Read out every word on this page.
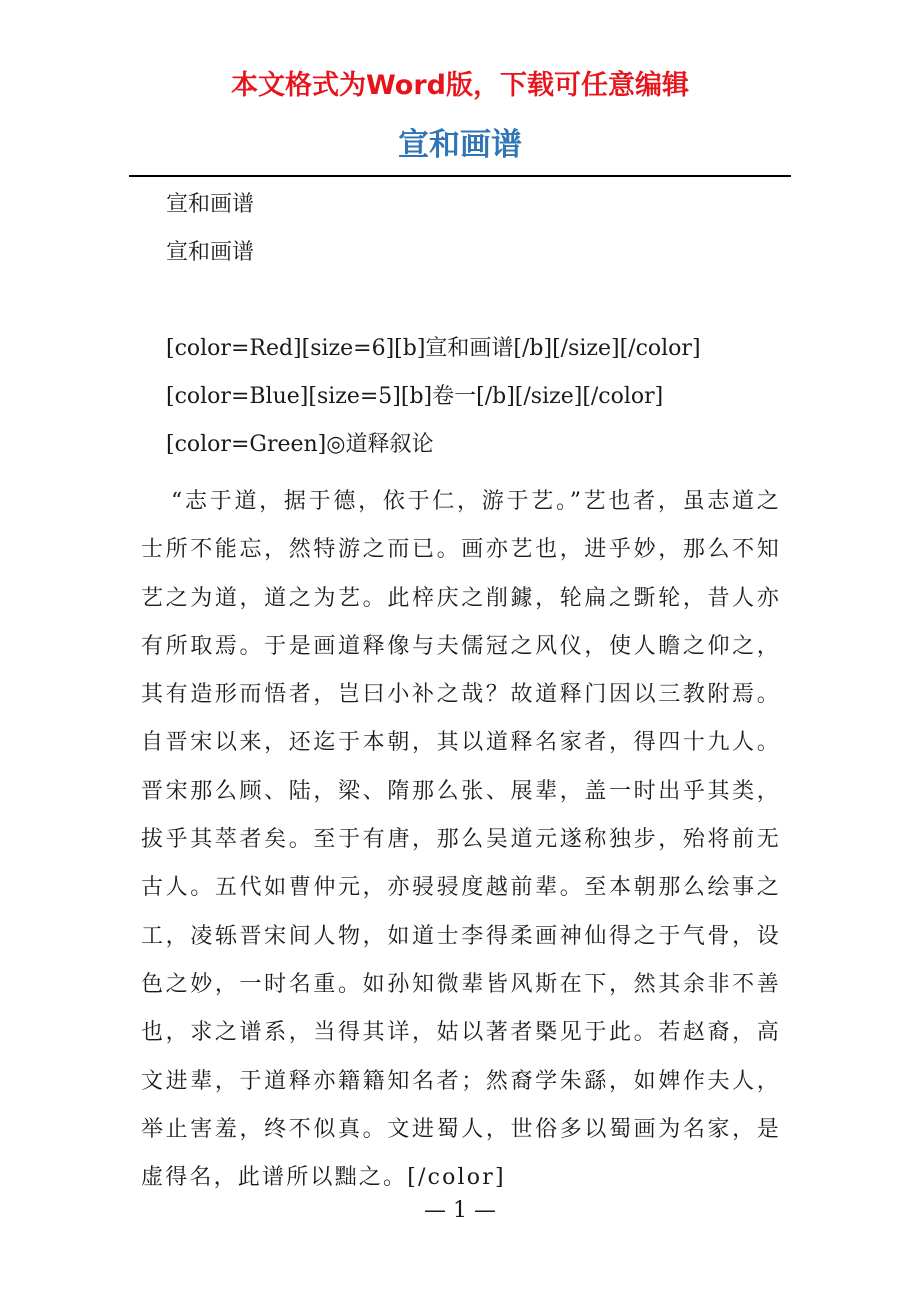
本文格式为Word版，下载可任意编辑
宣和画谱
宣和画谱
宣和画谱
[color=Red][size=6][b]宣和画谱[/b][/size][/color]
[color=Blue][size=5][b]卷一[/b][/size][/color]
[color=Green]◎道释叙论

“志于道，据于德，依于仁，游于艺。”艺也者，虽志道之士所不能忘，然特游之而已。画亦艺也，进乎妙，那么不知艺之为道，道之为艺。此梓庆之削鐻，轮扁之斲轮，昔人亦有所取焉。于是画道释像与夫儒冠之风仪，使人瞻之仰之，其有造形而悟者，岂曰小补之哉？故道释门因以三教附焉。自晋宋以来，还迄于本朝，其以道释名家者，得四十九人。晋宋那么顾、陆，梁、隋那么张、展辈，盖一时出乎其类，拔乎其萃者矣。至于有唐，那么吴道元遂称独步，殆将前无古人。五代如曹仲元，亦骎骎度越前辈。至本朝那么绘事之工，凌轹晋宋间人物，如道士李得柔画神仙得之于气骨，设色之妙，一时名重。如孙知微辈皆风斯在下，然其余非不善也，求之谱系，当得其详，姑以著者槩见于此。若赵裔，高文进辈，于道释亦籍籍知名者；然裔学朱繇，如婢作夫人，举止害羞，终不似真。文进蜀人，世俗多以蜀画为名家，是虚得名，此谱所以黜之。[/color]

— 1 —
